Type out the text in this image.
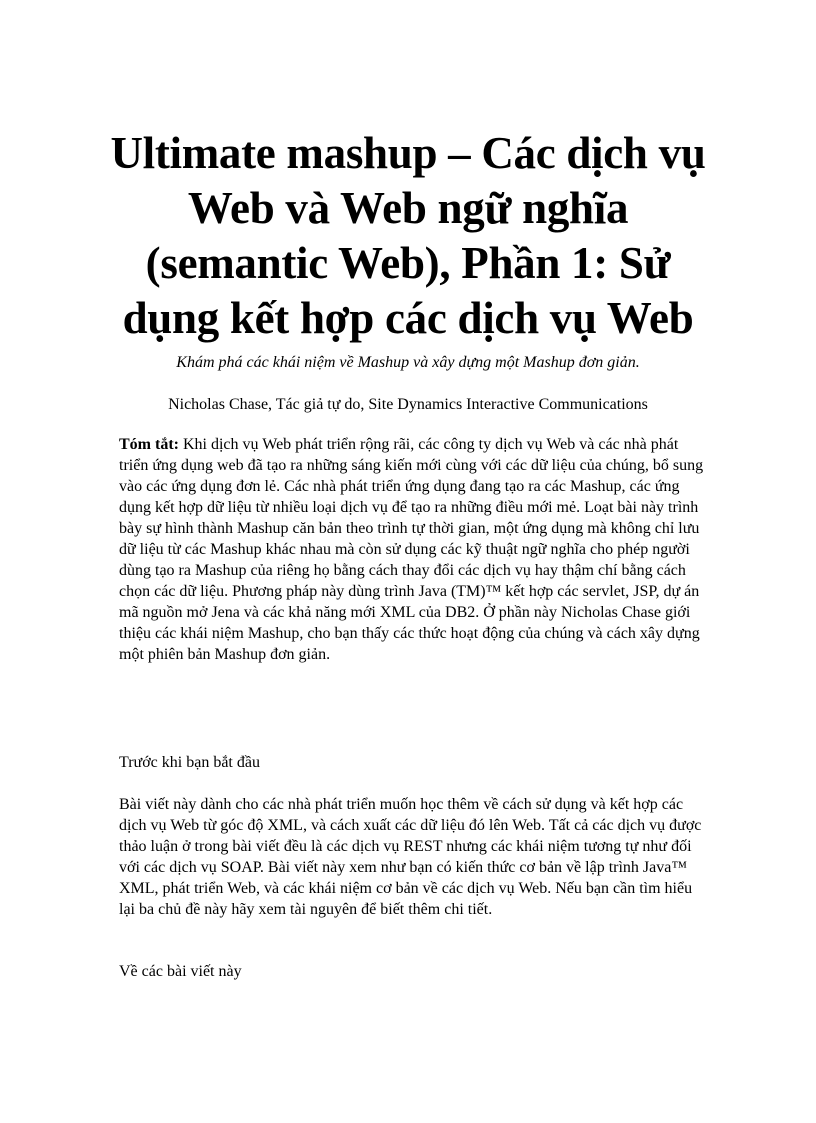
Ultimate mashup – Các dịch vụ
Web và Web ngữ nghĩa
(semantic Web), Phần 1: Sử
dụng kết hợp các dịch vụ Web

Khám phá các khái niệm về Mashup và xây dựng một Mashup đơn giản.

Nicholas Chase, Tác giả tự do, Site Dynamics Interactive Communications

Tóm tắt: Khi dịch vụ Web phát triển rộng rãi, các công ty dịch vụ Web và các nhà phát triển ứng dụng web đã tạo ra những sáng kiến mới cùng với các dữ liệu của chúng, bổ sung vào các ứng dụng đơn lẻ. Các nhà phát triển ứng dụng đang tạo ra các Mashup, các ứng dụng kết hợp dữ liệu từ nhiều loại dịch vụ để tạo ra những điều mới mẻ. Loạt bài này trình bày sự hình thành Mashup căn bản theo trình tự thời gian, một ứng dụng mà không chỉ lưu dữ liệu từ các Mashup khác nhau mà còn sử dụng các kỹ thuật ngữ nghĩa cho phép người dùng tạo ra Mashup của riêng họ bằng cách thay đổi các dịch vụ hay thậm chí bằng cách chọn các dữ liệu. Phương pháp này dùng trình Java (TM)™ kết hợp các servlet, JSP, dự án mã nguồn mở Jena và các khả năng mới XML của DB2. Ở phần này Nicholas Chase giới thiệu các khái niệm Mashup, cho bạn thấy các thức hoạt động của chúng và cách xây dựng một phiên bản Mashup đơn giản.

Trước khi bạn bắt đầu

Bài viết này dành cho các nhà phát triển muốn học thêm về cách sử dụng và kết hợp các dịch vụ Web từ góc độ XML, và cách xuất các dữ liệu đó lên Web. Tất cả các dịch vụ được thảo luận ở trong bài viết đều là các dịch vụ REST nhưng các khái niệm tương tự như đối với các dịch vụ SOAP. Bài viết này xem như bạn có kiến thức cơ bản về lập trình Java™ XML, phát triển Web, và các khái niệm cơ bản về các dịch vụ Web. Nếu bạn cần tìm hiểu lại ba chủ đề này hãy xem tài nguyên để biết thêm chi tiết.

Về các bài viết này
